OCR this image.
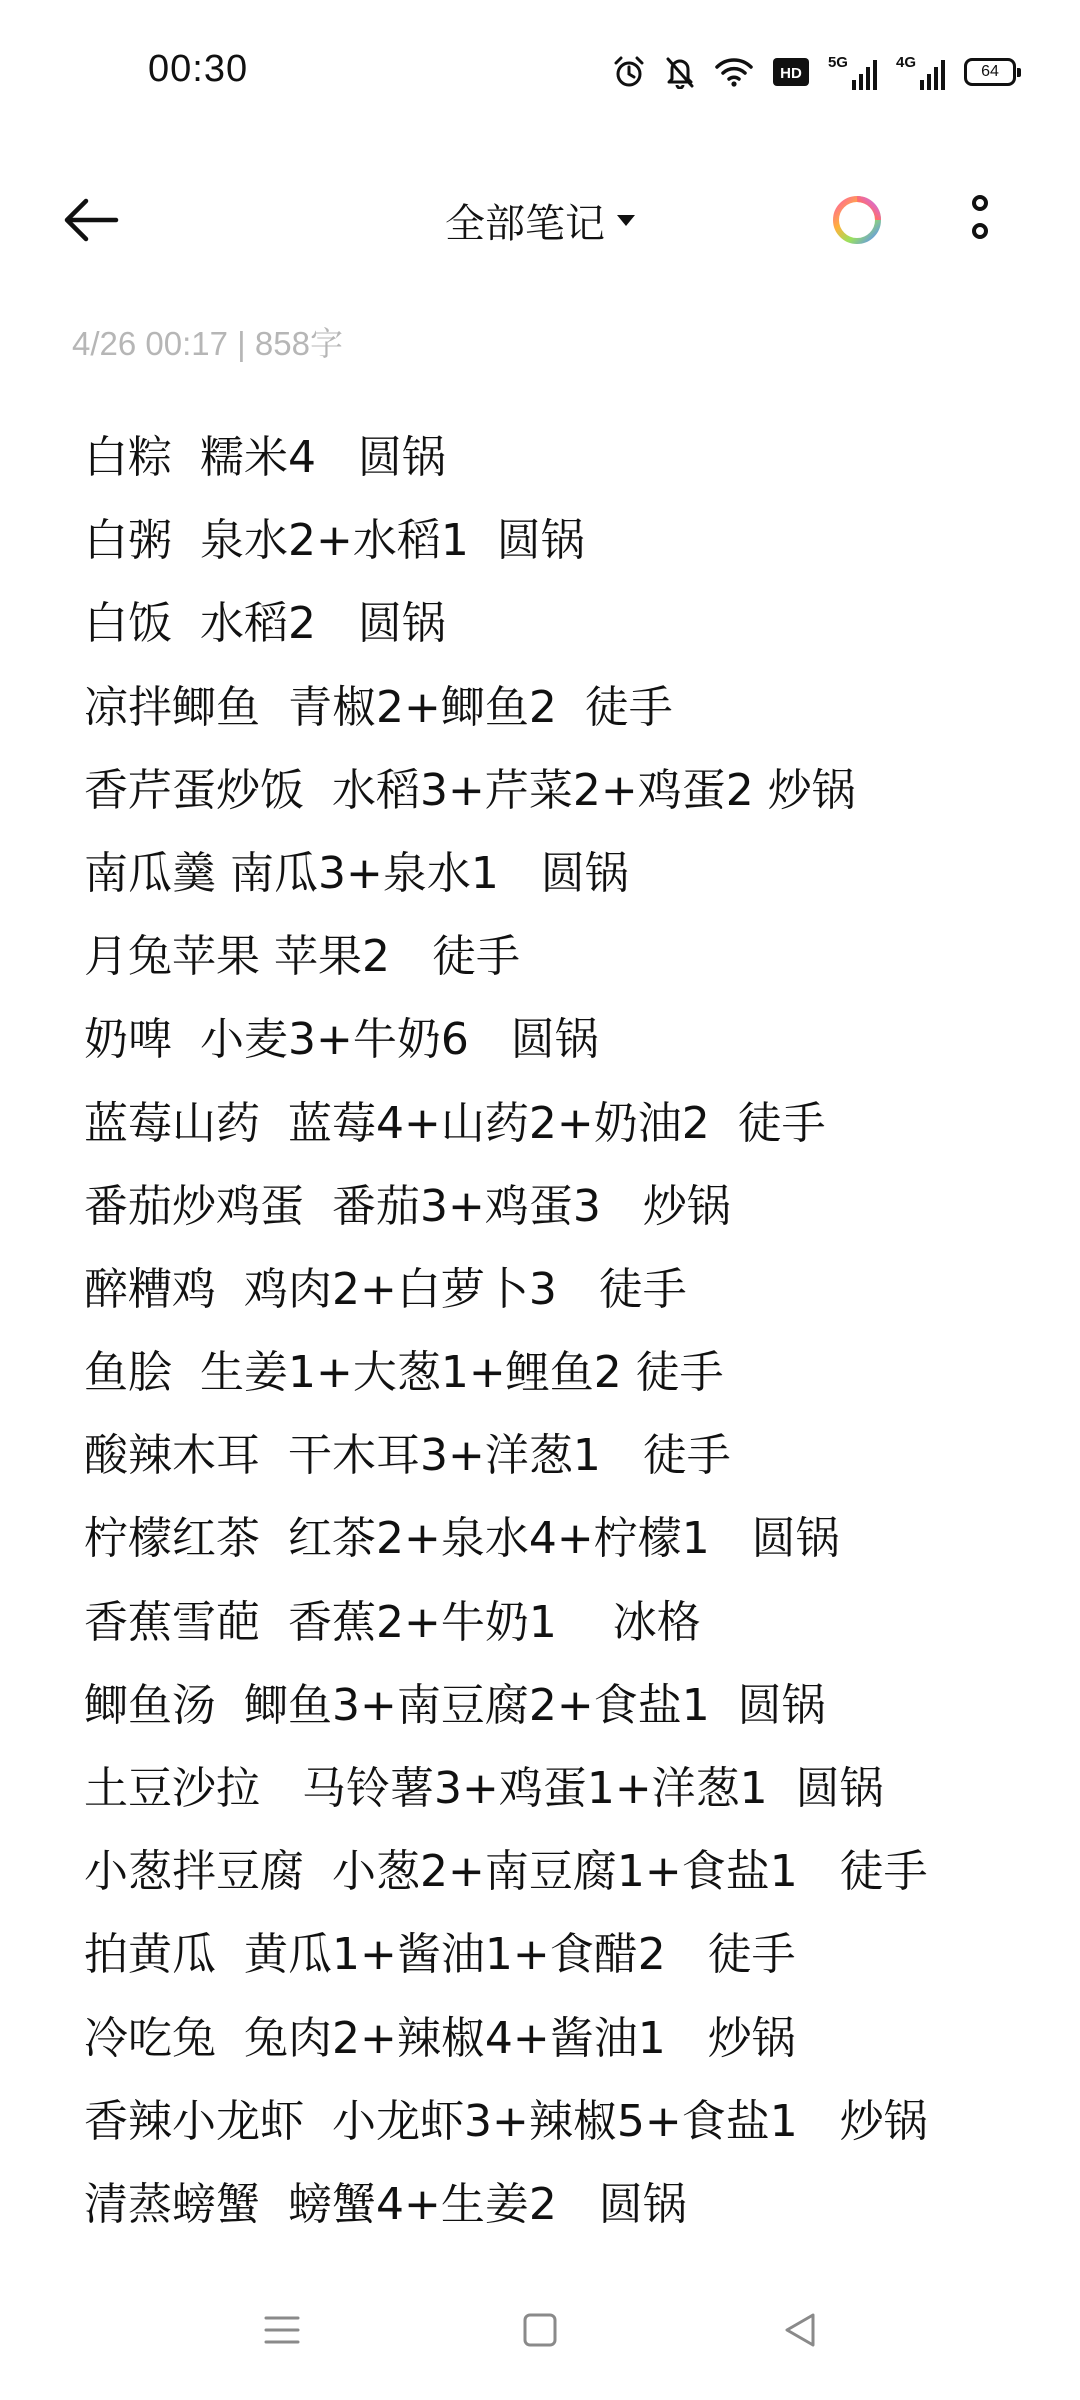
00:30	HD
5G	4G
64
全部笔记
4/26 00:17 | 858字
白粽  糯米4   圆锅
白粥  泉水2+水稻1  圆锅
白饭  水稻2   圆锅
凉拌鲫鱼  青椒2+鲫鱼2  徒手
香芹蛋炒饭  水稻3+芹菜2+鸡蛋2 炒锅
南瓜羹 南瓜3+泉水1   圆锅
月兔苹果 苹果2   徒手
奶啤  小麦3+牛奶6   圆锅
蓝莓山药  蓝莓4+山药2+奶油2  徒手
番茄炒鸡蛋  番茄3+鸡蛋3   炒锅
醉糟鸡  鸡肉2+白萝卜3   徒手
鱼脍  生姜1+大葱1+鲤鱼2 徒手
酸辣木耳  干木耳3+洋葱1   徒手
柠檬红茶  红茶2+泉水4+柠檬1   圆锅
香蕉雪葩  香蕉2+牛奶1    冰格
鲫鱼汤  鲫鱼3+南豆腐2+食盐1  圆锅
土豆沙拉   马铃薯3+鸡蛋1+洋葱1  圆锅
小葱拌豆腐  小葱2+南豆腐1+食盐1   徒手
拍黄瓜  黄瓜1+酱油1+食醋2   徒手
冷吃兔  兔肉2+辣椒4+酱油1   炒锅
香辣小龙虾  小龙虾3+辣椒5+食盐1   炒锅
清蒸螃蟹  螃蟹4+生姜2   圆锅
